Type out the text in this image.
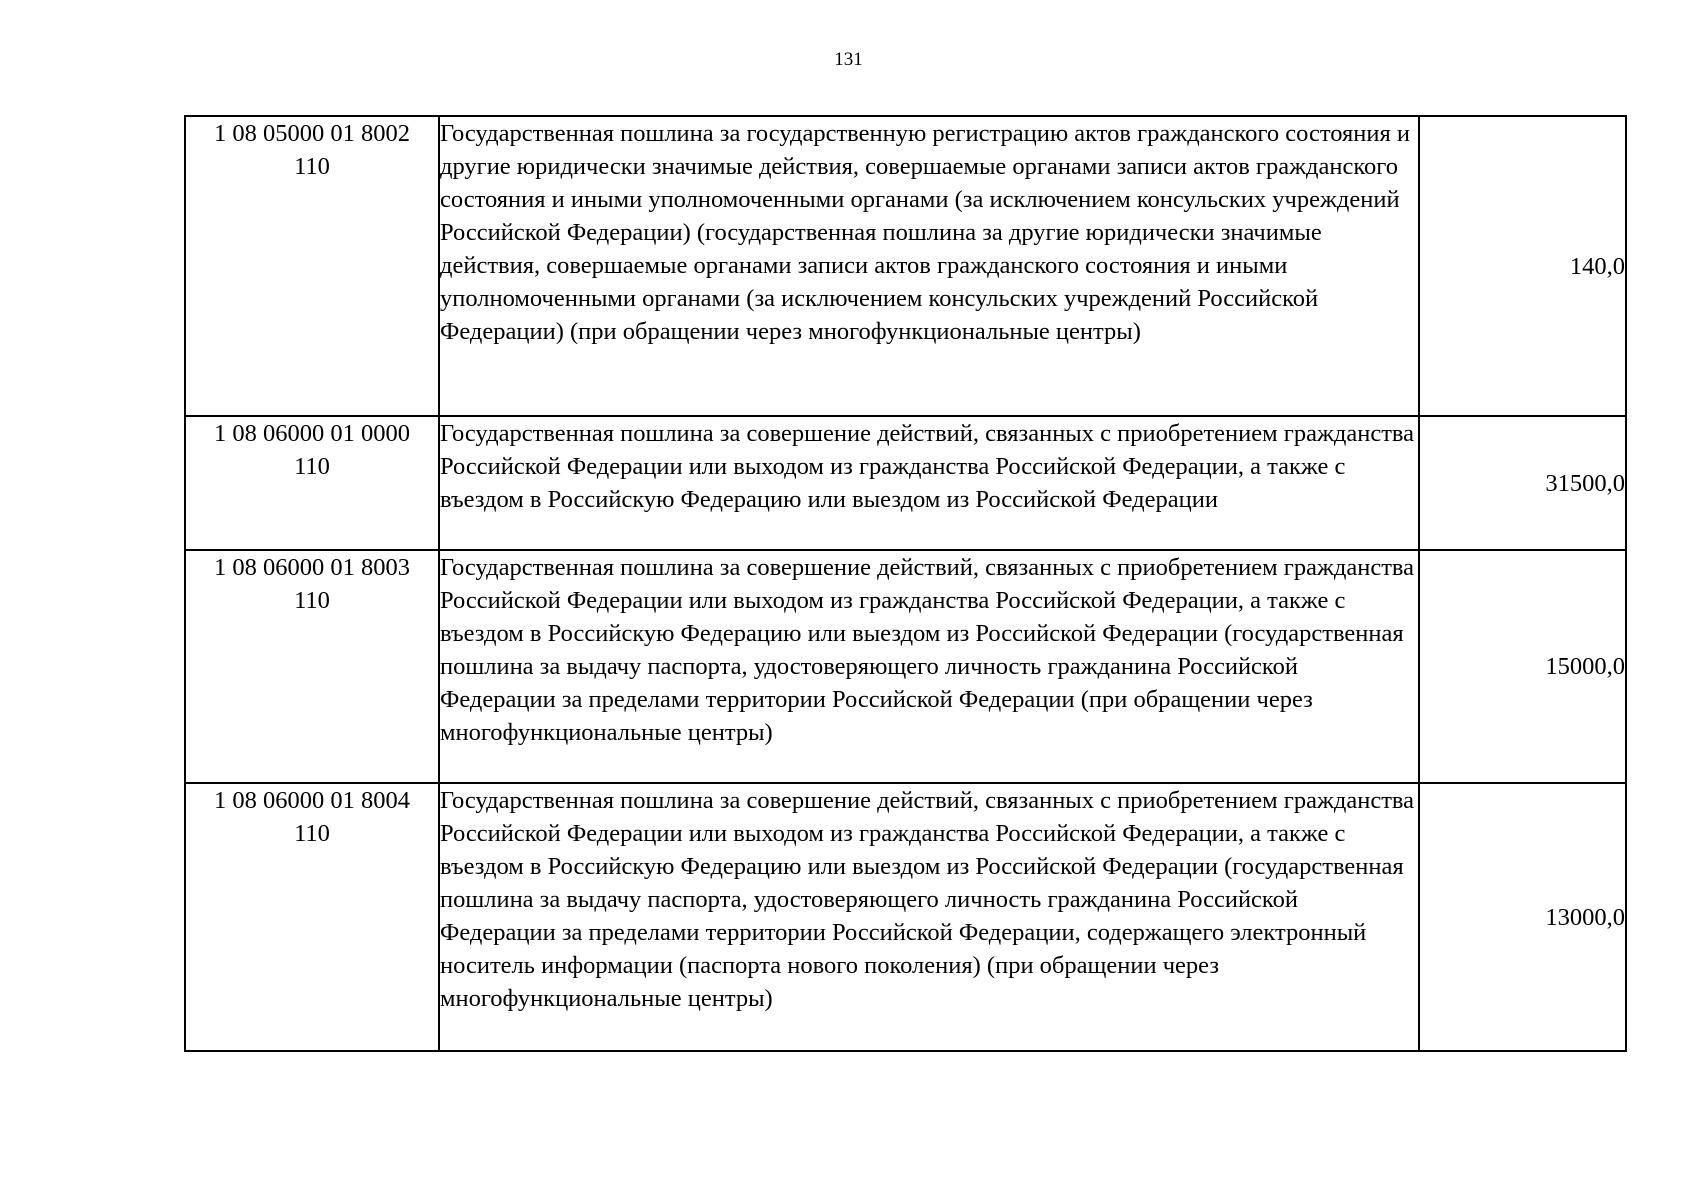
131
1 08 05000 01 8002
110	Государственная пошлина за государственную регистрацию актов гражданского состояния и другие юридически значимые действия, совершаемые органами записи актов гражданского состояния и иными уполномоченными органами (за исключением консульских учреждений Российской Федерации) (государственная пошлина за другие юридически значимые действия, совершаемые органами записи актов гражданского состояния и иными уполномоченными органами (за исключением консульских учреждений Российской Федерации) (при обращении через многофункциональные центры)	140,0

1 08 06000 01 0000
110	Государственная пошлина за совершение действий, связанных с приобретением гражданства Российской Федерации или выходом из гражданства Российской Федерации, а также с въездом в Российскую Федерацию или выездом из Российской Федерации	31500,0

1 08 06000 01 8003
110	Государственная пошлина за совершение действий, связанных с приобретением гражданства Российской Федерации или выходом из гражданства Российской Федерации, а также с въездом в Российскую Федерацию или выездом из Российской Федерации (государственная пошлина за выдачу паспорта, удостоверяющего личность гражданина Российской Федерации за пределами территории Российской Федерации (при обращении через многофункциональные центры)	15000,0

1 08 06000 01 8004
110	Государственная пошлина за совершение действий, связанных с приобретением гражданства Российской Федерации или выходом из гражданства Российской Федерации, а также с въездом в Российскую Федерацию или выездом из Российской Федерации (государственная пошлина за выдачу паспорта, удостоверяющего личность гражданина Российской Федерации за пределами территории Российской Федерации, содержащего электронный носитель информации (паспорта нового поколения) (при обращении через многофункциональные центры)	13000,0
